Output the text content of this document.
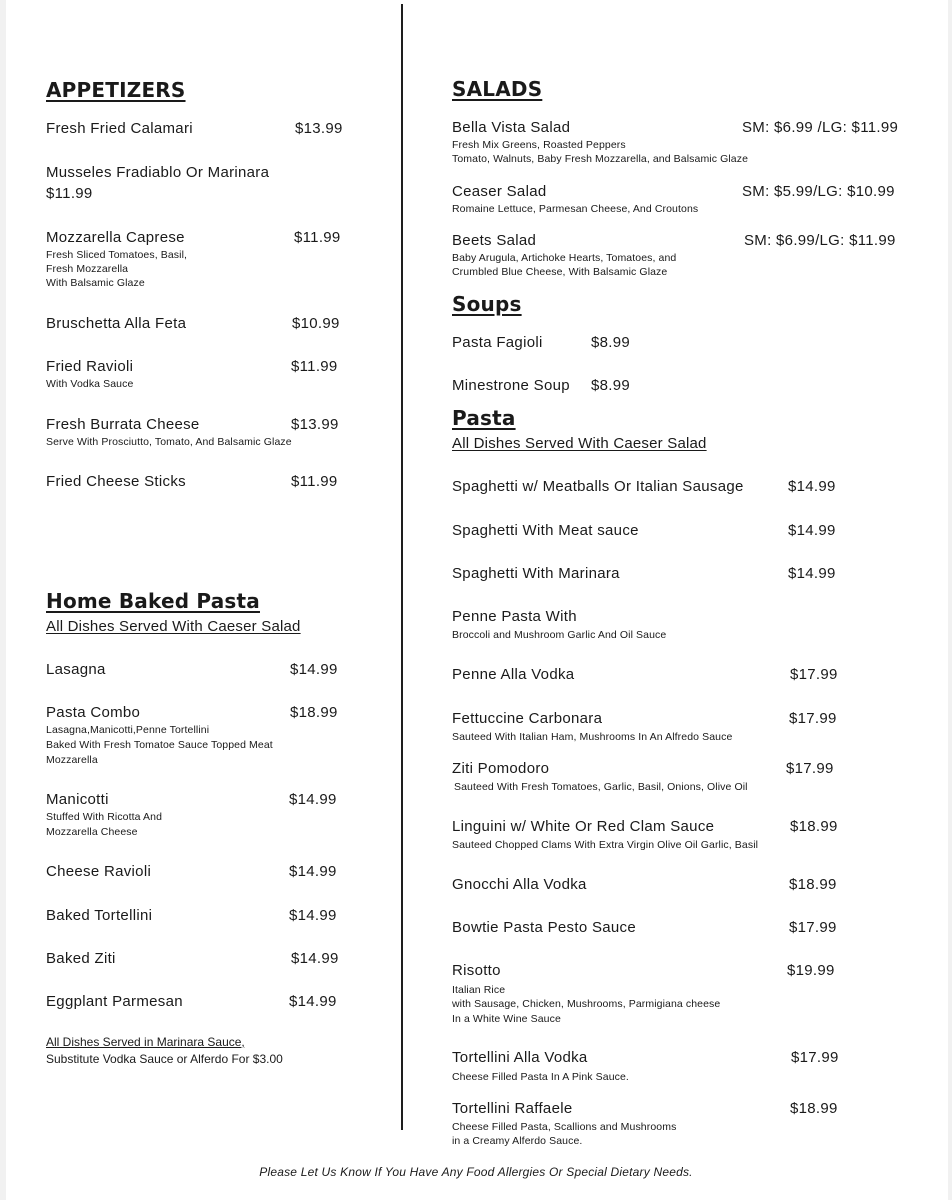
APPETIZERS
Fresh Fried Calamari	$13.99
Musseles Fradiablo Or Marinara
$11.99
Mozzarella Caprese	$11.99
Fresh Sliced Tomatoes, Basil,
Fresh Mozzarella
With Balsamic Glaze
Bruschetta Alla Feta	$10.99
Fried Ravioli	$11.99
With Vodka Sauce
Fresh Burrata Cheese	$13.99
Serve With Prosciutto, Tomato, And Balsamic Glaze
Fried Cheese Sticks	$11.99
Home Baked Pasta
All Dishes Served With Caeser Salad
Lasagna	$14.99
Pasta Combo	$18.99
Lasagna,Manicotti,Penne Tortellini
Baked With Fresh Tomatoe Sauce Topped Meat
Mozzarella
Manicotti	$14.99
Stuffed With Ricotta And
Mozzarella Cheese
Cheese Ravioli	$14.99
Baked Tortellini	$14.99
Baked Ziti	$14.99
Eggplant Parmesan	$14.99
All Dishes Served in Marinara Sauce,
Substitute Vodka Sauce or Alferdo For $3.00
SALADS
Bella Vista Salad	SM: $6.99 /LG: $11.99
Fresh Mix Greens, Roasted Peppers
Tomato, Walnuts, Baby Fresh Mozzarella, and Balsamic Glaze
Ceaser Salad	SM: $5.99/LG: $10.99
Romaine Lettuce, Parmesan Cheese, And Croutons
Beets Salad	SM: $6.99/LG: $11.99
Baby Arugula, Artichoke Hearts, Tomatoes, and
Crumbled Blue Cheese, With Balsamic Glaze
Soups
Pasta Fagioli	$8.99
Minestrone Soup $8.99
Pasta
All Dishes Served With Caeser Salad
Spaghetti w/ Meatballs Or Italian Sausage	$14.99
Spaghetti With Meat sauce	$14.99
Spaghetti With Marinara	$14.99
Penne Pasta With
Broccoli and Mushroom Garlic And Oil Sauce
Penne Alla Vodka	$17.99
Fettuccine Carbonara	$17.99
Sauteed With Italian Ham, Mushrooms In An Alfredo Sauce
Ziti Pomodoro	$17.99
Sauteed With Fresh Tomatoes, Garlic, Basil, Onions, Olive Oil
Linguini w/ White Or Red Clam Sauce	$18.99
Sauteed Chopped Clams With Extra Virgin Olive Oil Garlic, Basil
Gnocchi Alla Vodka	$18.99
Bowtie Pasta Pesto Sauce	$17.99
Risotto	$19.99
Italian Rice
with Sausage, Chicken, Mushrooms, Parmigiana cheese
In a White Wine Sauce
Tortellini Alla Vodka	$17.99
Cheese Filled Pasta In A Pink Sauce.
Tortellini Raffaele	$18.99
Cheese Filled Pasta, Scallions and Mushrooms
in a Creamy Alferdo Sauce.
Please Let Us Know If You Have Any Food Allergies Or Special Dietary Needs.
